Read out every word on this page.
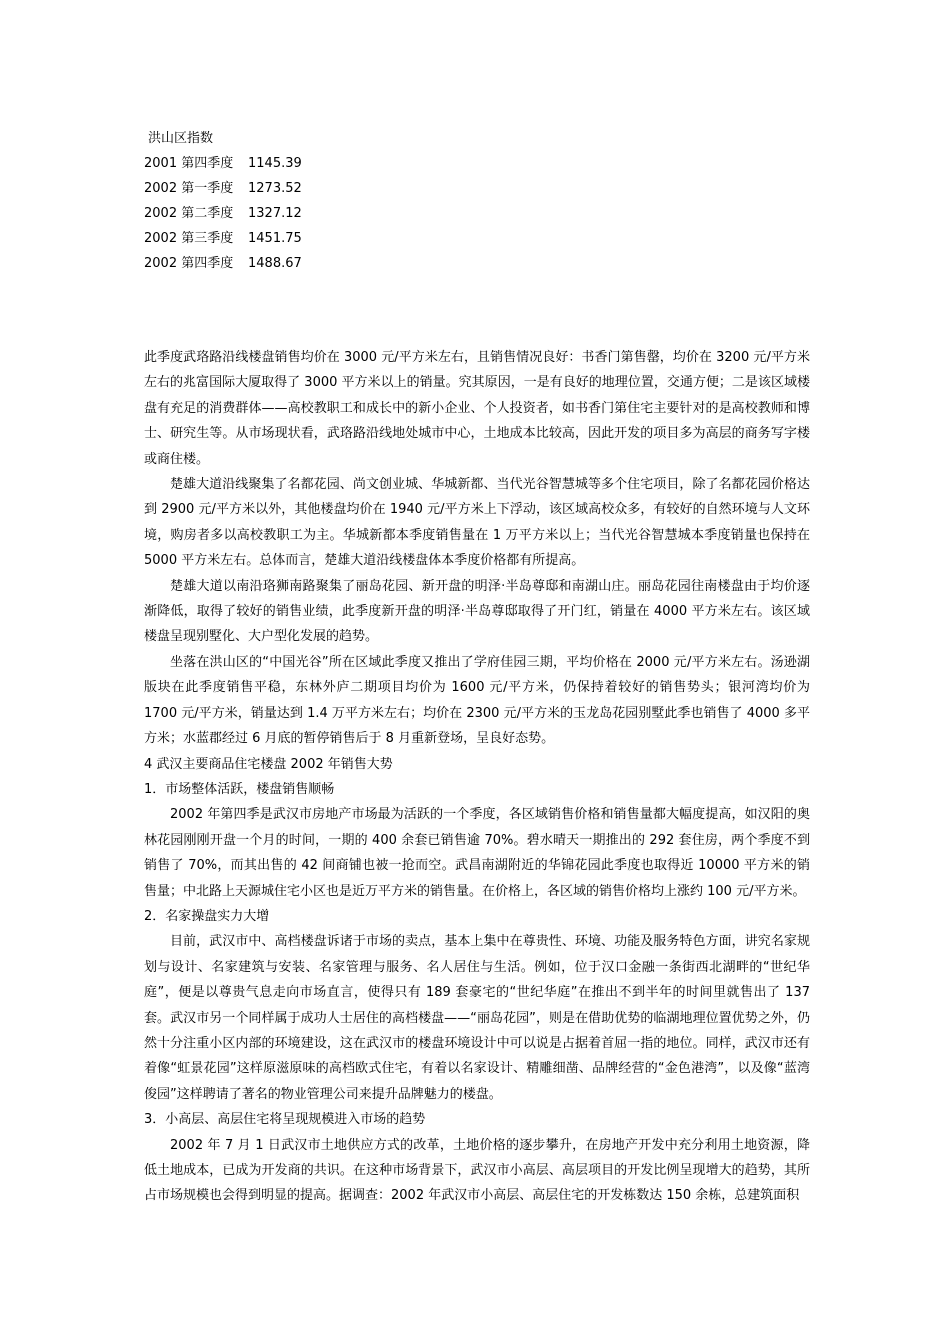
洪山区指数
2001 第四季度 1145.39
2002 第一季度 1273.52
2002 第二季度 1327.12
2002 第三季度 1451.75
2002 第四季度 1488.67

此季度武珞路沿线楼盘销售均价在 3000 元/平方米左右，且销售情况良好：书香门第售罄，均价在 3200 元/平方米左右的兆富国际大厦取得了 3000 平方米以上的销量。究其原因，一是有良好的地理位置，交通方便；二是该区域楼盘有充足的消费群体——高校教职工和成长中的新小企业、个人投资者，如书香门第住宅主要针对的是高校教师和博士、研究生等。从市场现状看，武珞路沿线地处城市中心，土地成本比较高，因此开发的项目多为高层的商务写字楼或商住楼。

楚雄大道沿线聚集了名都花园、尚文创业城、华城新都、当代光谷智慧城等多个住宅项目，除了名都花园价格达到 2900 元/平方米以外，其他楼盘均价在 1940 元/平方米上下浮动，该区域高校众多，有较好的自然环境与人文环境，购房者多以高校教职工为主。华城新都本季度销售量在 1 万平方米以上；当代光谷智慧城本季度销量也保持在 5000 平方米左右。总体而言，楚雄大道沿线楼盘体本季度价格都有所提高。

楚雄大道以南沿珞狮南路聚集了丽岛花园、新开盘的明泽·半岛尊邸和南湖山庄。丽岛花园往南楼盘由于均价逐渐降低，取得了较好的销售业绩，此季度新开盘的明泽·半岛尊邸取得了开门红，销量在 4000 平方米左右。该区域楼盘呈现别墅化、大户型化发展的趋势。

坐落在洪山区的“中国光谷”所在区域此季度又推出了学府佳园三期，平均价格在 2000 元/平方米左右。汤逊湖版块在此季度销售平稳，东林外庐二期项目均价为 1600 元/平方米，仍保持着较好的销售势头；银河湾均价为 1700 元/平方米，销量达到 1.4 万平方米左右；均价在 2300 元/平方米的玉龙岛花园别墅此季也销售了 4000 多平方米；水蓝郡经过 6 月底的暂停销售后于 8 月重新登场，呈良好态势。

4 武汉主要商品住宅楼盘 2002 年销售大势

1．市场整体活跃，楼盘销售顺畅

2002 年第四季是武汉市房地产市场最为活跃的一个季度，各区域销售价格和销售量都大幅度提高，如汉阳的奥林花园刚刚开盘一个月的时间，一期的 400 余套已销售逾 70%。碧水晴天一期推出的 292 套住房，两个季度不到销售了 70%，而其出售的 42 间商铺也被一抢而空。武昌南湖附近的华锦花园此季度也取得近 10000 平方米的销售量；中北路上天源城住宅小区也是近万平方米的销售量。在价格上，各区域的销售价格均上涨约 100 元/平方米。

2．名家操盘实力大增

目前，武汉市中、高档楼盘诉诸于市场的卖点，基本上集中在尊贵性、环境、功能及服务特色方面，讲究名家规划与设计、名家建筑与安装、名家管理与服务、名人居住与生活。例如，位于汉口金融一条街西北湖畔的“世纪华庭”，便是以尊贵气息走向市场直言，使得只有 189 套豪宅的“世纪华庭”在推出不到半年的时间里就售出了 137 套。武汉市另一个同样属于成功人士居住的高档楼盘——“丽岛花园”，则是在借助优势的临湖地理位置优势之外，仍然十分注重小区内部的环境建设，这在武汉市的楼盘环境设计中可以说是占据着首屈一指的地位。同样，武汉市还有着像“虹景花园”这样原滋原味的高档欧式住宅，有着以名家设计、精雕细凿、品牌经营的“金色港湾”，以及像“蓝湾俊园”这样聘请了著名的物业管理公司来提升品牌魅力的楼盘。

3．小高层、高层住宅将呈现规模进入市场的趋势

2002 年 7 月 1 日武汉市土地供应方式的改革，土地价格的逐步攀升，在房地产开发中充分利用土地资源，降低土地成本，已成为开发商的共识。在这种市场背景下，武汉市小高层、高层项目的开发比例呈现增大的趋势，其所占市场规模也会得到明显的提高。据调查：2002 年武汉市小高层、高层住宅的开发栋数达 150 余栋，总建筑面积
